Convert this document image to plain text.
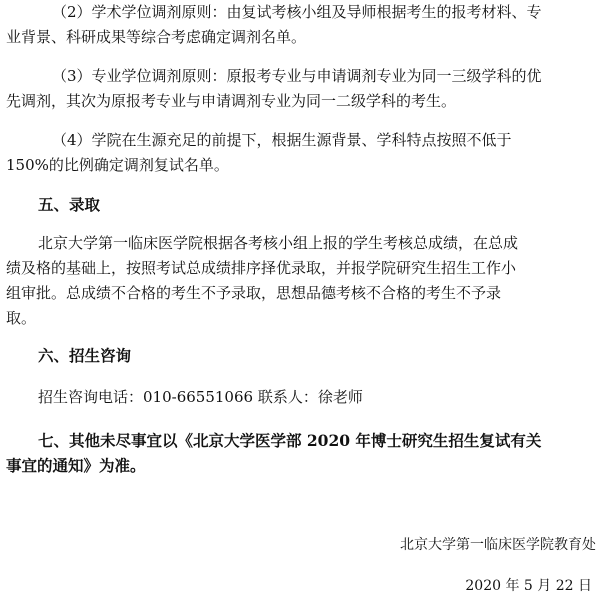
（2）学术学位调剂原则：由复试考核小组及导师根据考生的报考材料、专
业背景、科研成果等综合考虑确定调剂名单。

（3）专业学位调剂原则：原报考专业与申请调剂专业为同一三级学科的优
先调剂，其次为原报考专业与申请调剂专业为同一二级学科的考生。

（4）学院在生源充足的前提下，根据生源背景、学科特点按照不低于
150%的比例确定调剂复试名单。

五、录取

北京大学第一临床医学院根据各考核小组上报的学生考核总成绩，在总成
绩及格的基础上，按照考试总成绩排序择优录取，并报学院研究生招生工作小
组审批。总成绩不合格的考生不予录取，思想品德考核不合格的考生不予录
取。

六、招生咨询
招生咨询电话：010-66551066 联系人：徐老师

七、其他未尽事宜以《北京大学医学部 2020 年博士研究生招生复试有关
事宜的通知》为准。

北京大学第一临床医学院教育处
2020 年 5 月 22 日
